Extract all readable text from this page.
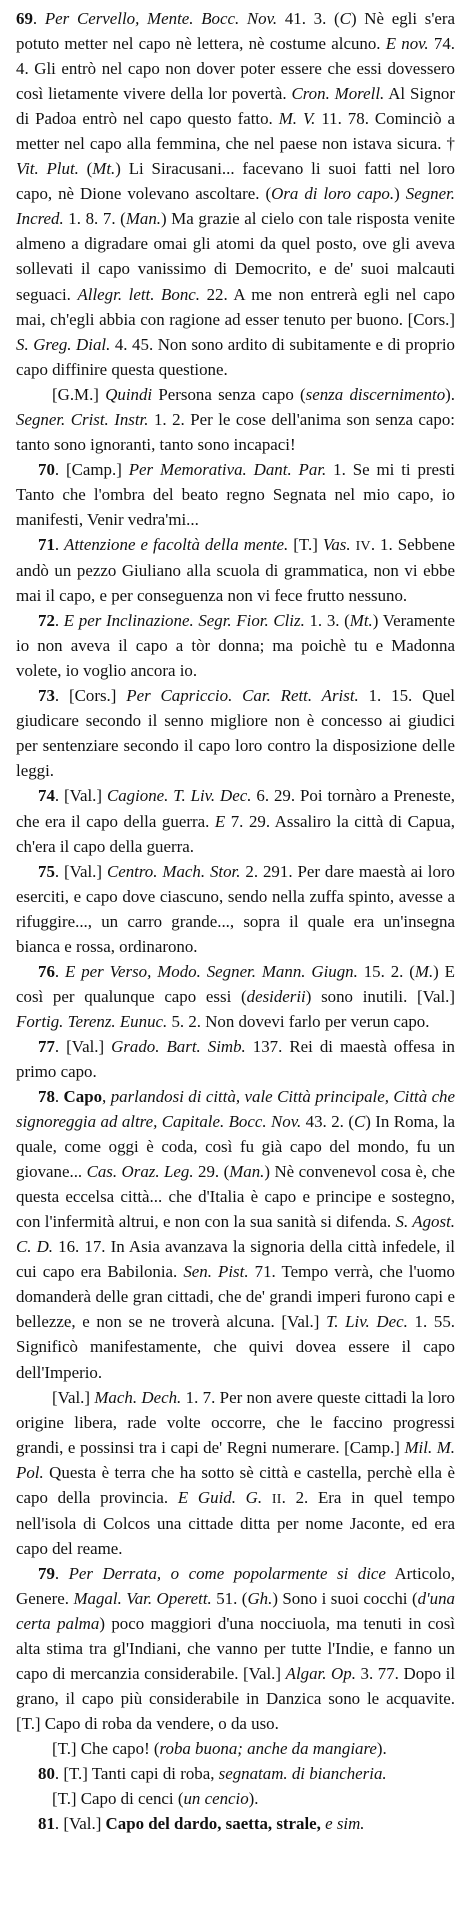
69. Per Cervello, Mente. Bocc. Nov. 41. 3. (C) Nè egli s'era potuto metter nel capo nè lettera, nè costume alcuno. E nov. 74. 4. Gli entrò nel capo non dover poter essere che essi dovessero così lietamente vivere della lor povertà. Cron. Morell. Al Signor di Padoa entrò nel capo questo fatto. M. V. 11. 78. Cominciò a metter nel capo alla femmina, che nel paese non istava sicura. † Vit. Plut. (Mt.) Li Siracusani... facevano li suoi fatti nel loro capo, nè Dione volevano ascoltare. (Ora di loro capo.) Segner. Incred. 1. 8. 7. (Man.) Ma grazie al cielo con tale risposta venite almeno a digradare omai gli atomi da quel posto, ove gli aveva sollevati il capo vanissimo di Democrito, e de' suoi malcauti seguaci. Allegr. lett. Bonc. 22. A me non entrerà egli nel capo mai, ch'egli abbia con ragione ad esser tenuto per buono. [Cors.] S. Greg. Dial. 4. 45. Non sono ardito di subitamente e di proprio capo diffinire questa questione.

[G.M.] Quindi Persona senza capo (senza discernimento). Segner. Crist. Instr. 1. 2. Per le cose dell'anima son senza capo: tanto sono ignoranti, tanto sono incapaci!

70. [Camp.] Per Memorativa. Dant. Par. 1. Se mi ti presti Tanto che l'ombra del beato regno Segnata nel mio capo, io manifesti, Venir vedra'mi...

71. Attenzione e facoltà della mente. [T.] Vas. IV. 1. Sebbene andò un pezzo Giuliano alla scuola di grammatica, non vi ebbe mai il capo, e per conseguenza non vi fece frutto nessuno.

72. E per Inclinazione. Segr. Fior. Cliz. 1. 3. (Mt.) Veramente io non aveva il capo a tòr donna; ma poichè tu e Madonna volete, io voglio ancora io.

73. [Cors.] Per Capriccio. Car. Rett. Arist. 1. 15. Quel giudicare secondo il senno migliore non è concesso ai giudici per sentenziare secondo il capo loro contro la disposizione delle leggi.

74. [Val.] Cagione. T. Liv. Dec. 6. 29. Poi tornàro a Preneste, che era il capo della guerra. E 7. 29. Assaliro la città di Capua, ch'era il capo della guerra.

75. [Val.] Centro. Mach. Stor. 2. 291. Per dare maestà ai loro eserciti, e capo dove ciascuno, sendo nella zuffa spinto, avesse a rifuggire..., un carro grande..., sopra il quale era un'insegna bianca e rossa, ordinarono.

76. E per Verso, Modo. Segner. Mann. Giugn. 15. 2. (M.) E così per qualunque capo essi (desiderii) sono inutili. [Val.] Fortig. Terenz. Eunuc. 5. 2. Non dovevi farlo per verun capo.

77. [Val.] Grado. Bart. Simb. 137. Rei di maestà offesa in primo capo.

78. Capo, parlandosi di città, vale Città principale, Città che signoreggia ad altre, Capitale. Bocc. Nov. 43. 2. (C) In Roma, la quale, come oggi è coda, così fu già capo del mondo, fu un giovane... Cas. Oraz. Leg. 29. (Man.) Nè convenevol cosa è, che questa eccelsa città... che d'Italia è capo e principe e sostegno, con l'infermità altrui, e non con la sua sanità si difenda. S. Agost. C. D. 16. 17. In Asia avanzava la signoria della città infedele, il cui capo era Babilonia. Sen. Pist. 71. Tempo verrà, che l'uomo domanderà delle gran cittadi, che de' grandi imperi furono capi e bellezze, e non se ne troverà alcuna. [Val.] T. Liv. Dec. 1. 55. Significò manifestamente, che quivi dovea essere il capo dell'Imperio.

[Val.] Mach. Dech. 1. 7. Per non avere queste cittadi la loro origine libera, rade volte occorre, che le faccino progressi grandi, e possinsi tra i capi de' Regni numerare. [Camp.] Mil. M. Pol. Questa è terra che ha sotto sè città e castella, perchè ella è capo della provincia. E Guid. G. II. 2. Era in quel tempo nell'isola di Colcos una cittade ditta per nome Jaconte, ed era capo del reame.

79. Per Derrata, o come popolarmente si dice Articolo, Genere. Magal. Var. Operett. 51. (Gh.) Sono i suoi cocchi (d'una certa palma) poco maggiori d'una nocciuola, ma tenuti in così alta stima tra gl'Indiani, che vanno per tutte l'Indie, e fanno un capo di mercanzia considerabile. [Val.] Algar. Op. 3. 77. Dopo il grano, il capo più considerabile in Danzica sono le acquavite. [T.] Capo di roba da vendere, o da uso.

[T.] Che capo! (roba buona; anche da mangiare).

80. [T.] Tanti capi di roba, segnatam. di biancheria.

[T.] Capo di cenci (un cencio).

81. [Val.] Capo del dardo, saetta, strale, e sim.
